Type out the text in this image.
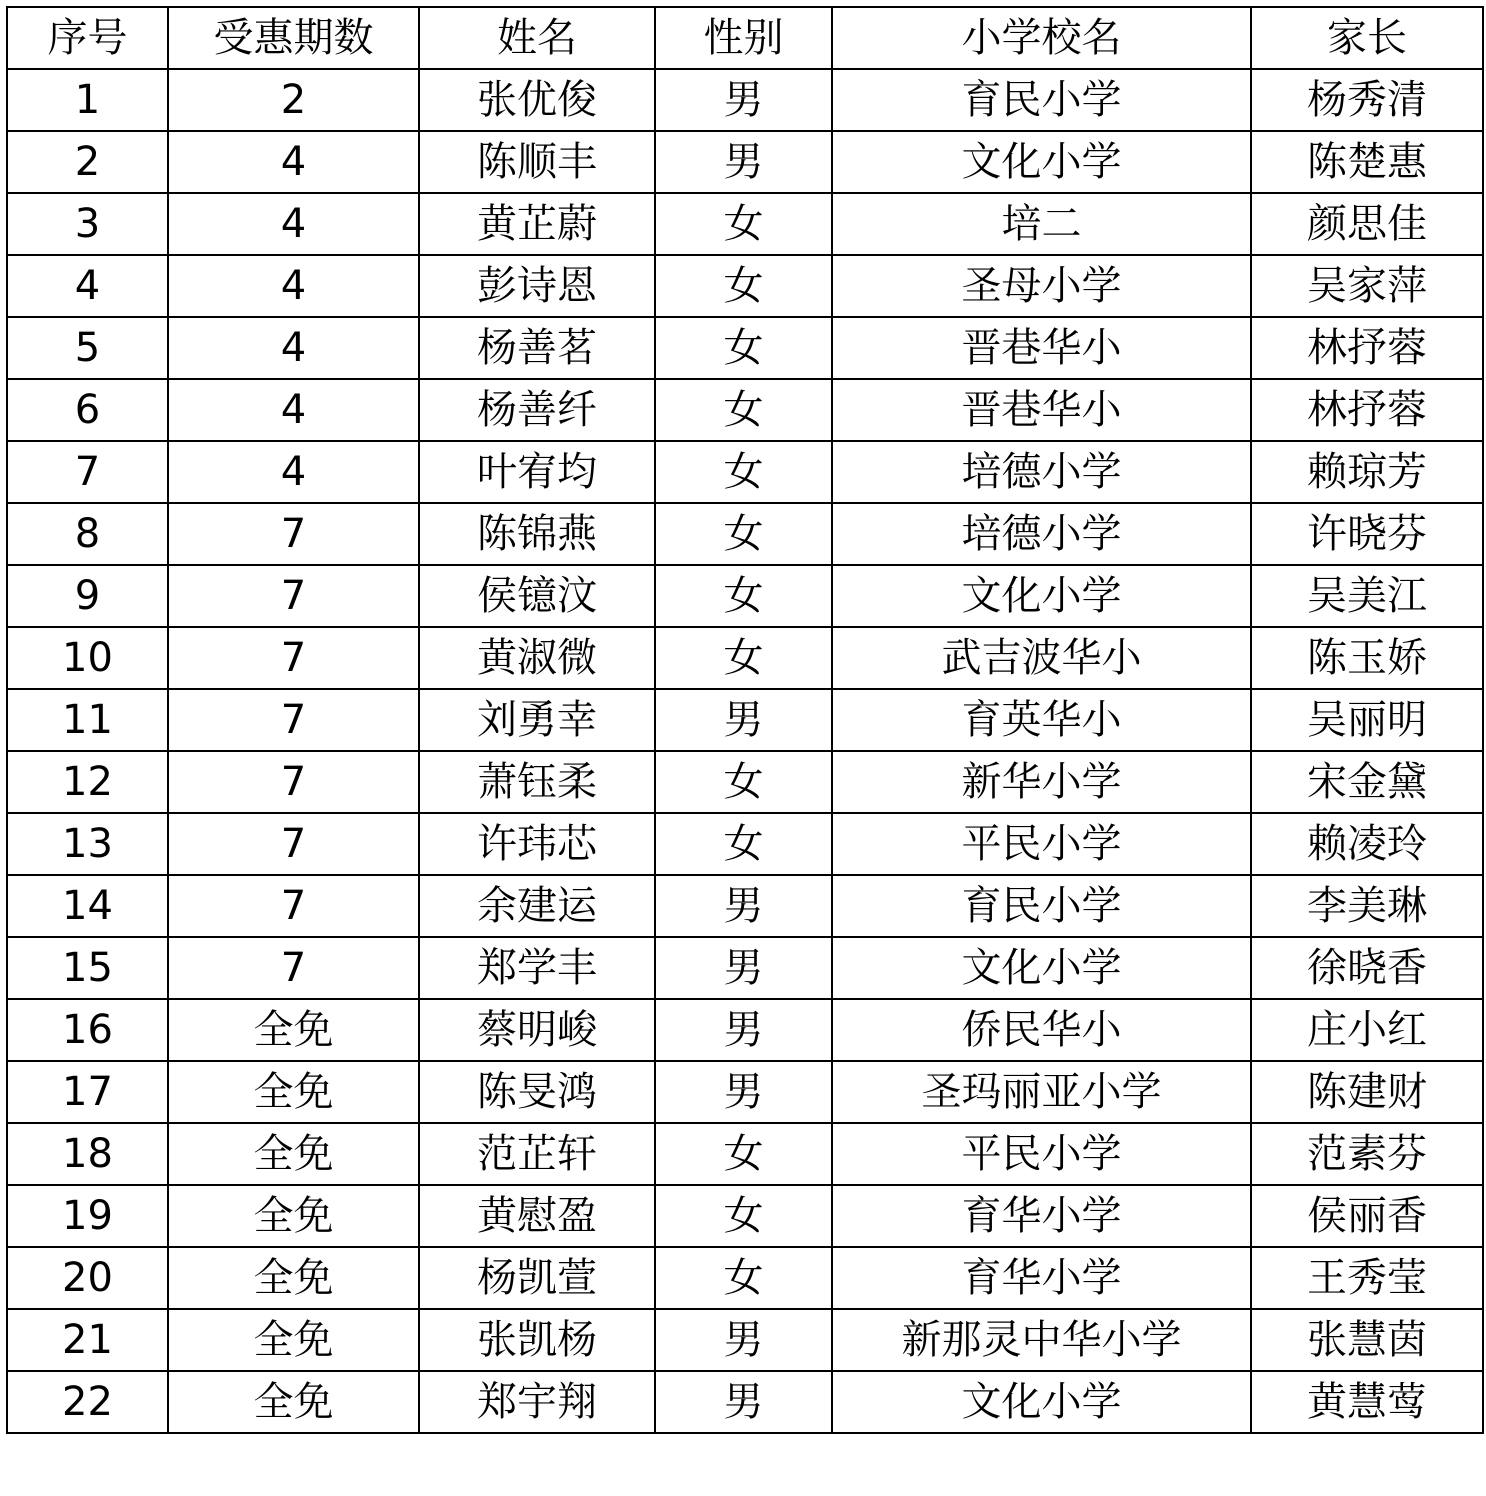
序号	受惠期数	姓名	性别	小学校名	家长
1	2	张优俊	男	育民小学	杨秀清
2	4	陈顺丰	男	文化小学	陈楚惠
3	4	黄芷蔚	女	培二	颜思佳
4	4	彭诗恩	女	圣母小学	吴家萍
5	4	杨善茗	女	晋巷华小	林抒蓉
6	4	杨善纤	女	晋巷华小	林抒蓉
7	4	叶宥均	女	培德小学	赖琼芳
8	7	陈锦燕	女	培德小学	许晓芬
9	7	侯镱汶	女	文化小学	吴美江
10	7	黄淑微	女	武吉波华小	陈玉娇
11	7	刘勇幸	男	育英华小	吴丽明
12	7	萧钰柔	女	新华小学	宋金黛
13	7	许玮芯	女	平民小学	赖凌玲
14	7	余建运	男	育民小学	李美琳
15	7	郑学丰	男	文化小学	徐晓香
16	全免	蔡明峻	男	侨民华小	庄小红
17	全免	陈旻鸿	男	圣玛丽亚小学	陈建财
18	全免	范芷轩	女	平民小学	范素芬
19	全免	黄慰盈	女	育华小学	侯丽香
20	全免	杨凯萱	女	育华小学	王秀莹
21	全免	张凯杨	男	新那灵中华小学	张慧茵
22	全免	郑宇翔	男	文化小学	黄慧莺
